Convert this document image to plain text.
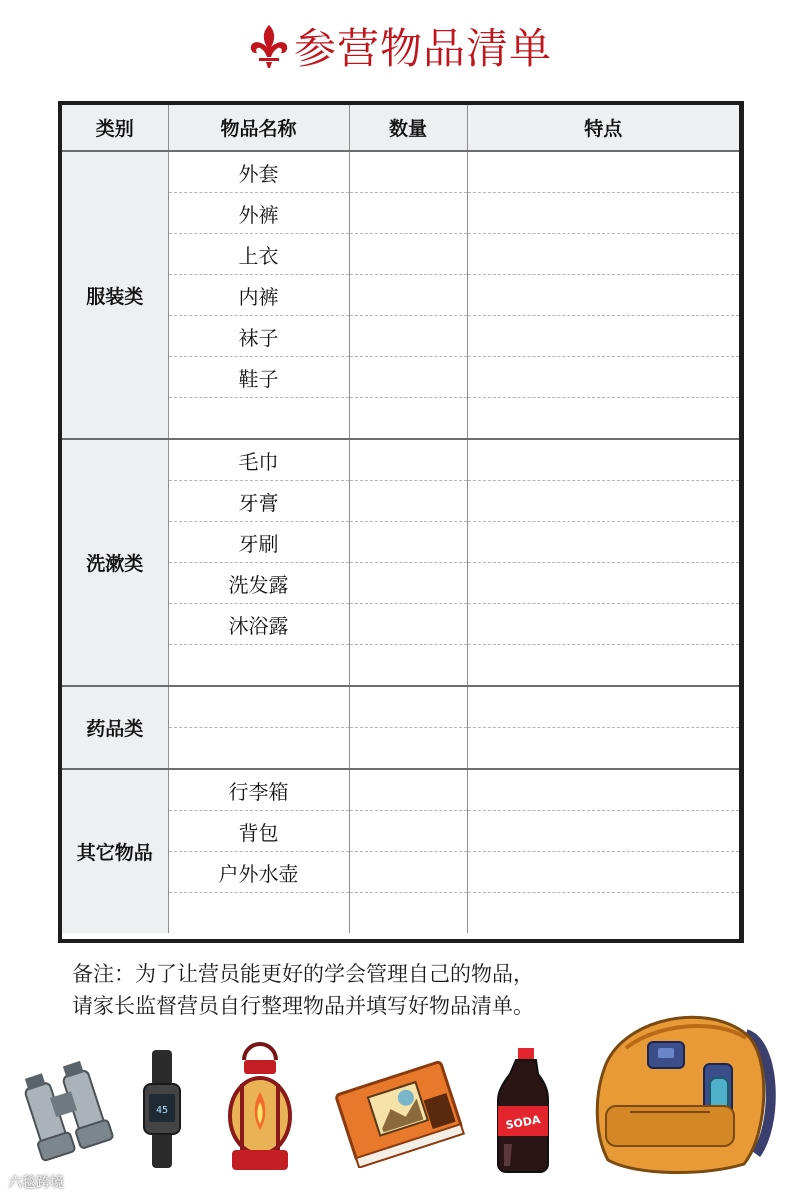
参营物品清单
类别	物品名称	数量	特点
服装类	外套		
	外裤		
	上衣		
	内裤		
	袜子		
	鞋子		

洗漱类	毛巾		
	牙膏		
	牙刷		
	洗发露		
	沐浴露		

药品类			

其它物品	行李箱		
	背包		
	户外水壶		

备注：为了让营员能更好的学会管理自己的物品，
请家长监督营员自行整理物品并填写好物品清单。
45
SODA
六毯跨境
